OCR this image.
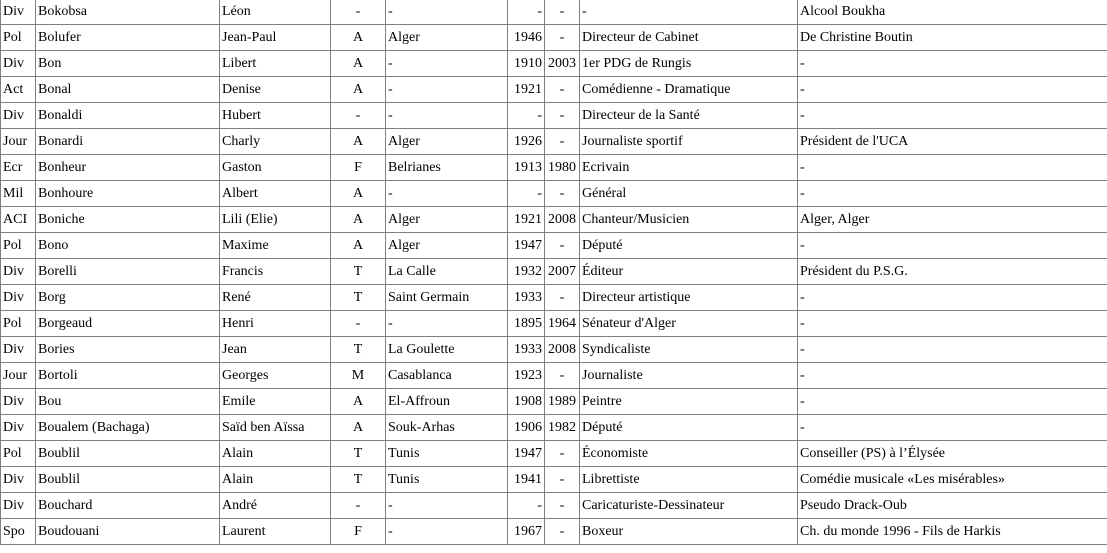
Div	Bokobsa	Léon	-	-	-	-	-	Alcool Boukha
Pol	Bolufer	Jean-Paul	A	Alger	1946	-	Directeur de Cabinet	De Christine Boutin
Div	Bon	Libert	A	-	1910	2003	1er PDG de Rungis	-
Act	Bonal	Denise	A	-	1921	-	Comédienne - Dramatique	-
Div	Bonaldi	Hubert	-	-	-	-	Directeur de la Santé	-
Jour	Bonardi	Charly	A	Alger	1926	-	Journaliste sportif	Président de l'UCA
Ecr	Bonheur	Gaston	F	Belrianes	1913	1980	Ecrivain	-
Mil	Bonhoure	Albert	A	-	-	-	Général	-
ACI	Boniche	Lili (Elie)	A	Alger	1921	2008	Chanteur/Musicien	Alger, Alger
Pol	Bono	Maxime	A	Alger	1947	-	Député	-
Div	Borelli	Francis	T	La Calle	1932	2007	Éditeur	Président du P.S.G.
Div	Borg	René	T	Saint Germain	1933	-	Directeur artistique	-
Pol	Borgeaud	Henri	-	-	1895	1964	Sénateur d'Alger	-
Div	Bories	Jean	T	La Goulette	1933	2008	Syndicaliste	-
Jour	Bortoli	Georges	M	Casablanca	1923	-	Journaliste	-
Div	Bou	Emile	A	El-Affroun	1908	1989	Peintre	-
Div	Boualem (Bachaga)	Saïd ben Aïssa	A	Souk-Arhas	1906	1982	Député	-
Pol	Boublil	Alain	T	Tunis	1947	-	Économiste	Conseiller (PS) à l’Élysée
Div	Boublil	Alain	T	Tunis	1941	-	Librettiste	Comédie musicale «Les misérables»
Div	Bouchard	André	-	-	-	-	Caricaturiste-Dessinateur	Pseudo Drack-Oub
Spo	Boudouani	Laurent	F	-	1967	-	Boxeur	Ch. du monde 1996 - Fils de Harkis
